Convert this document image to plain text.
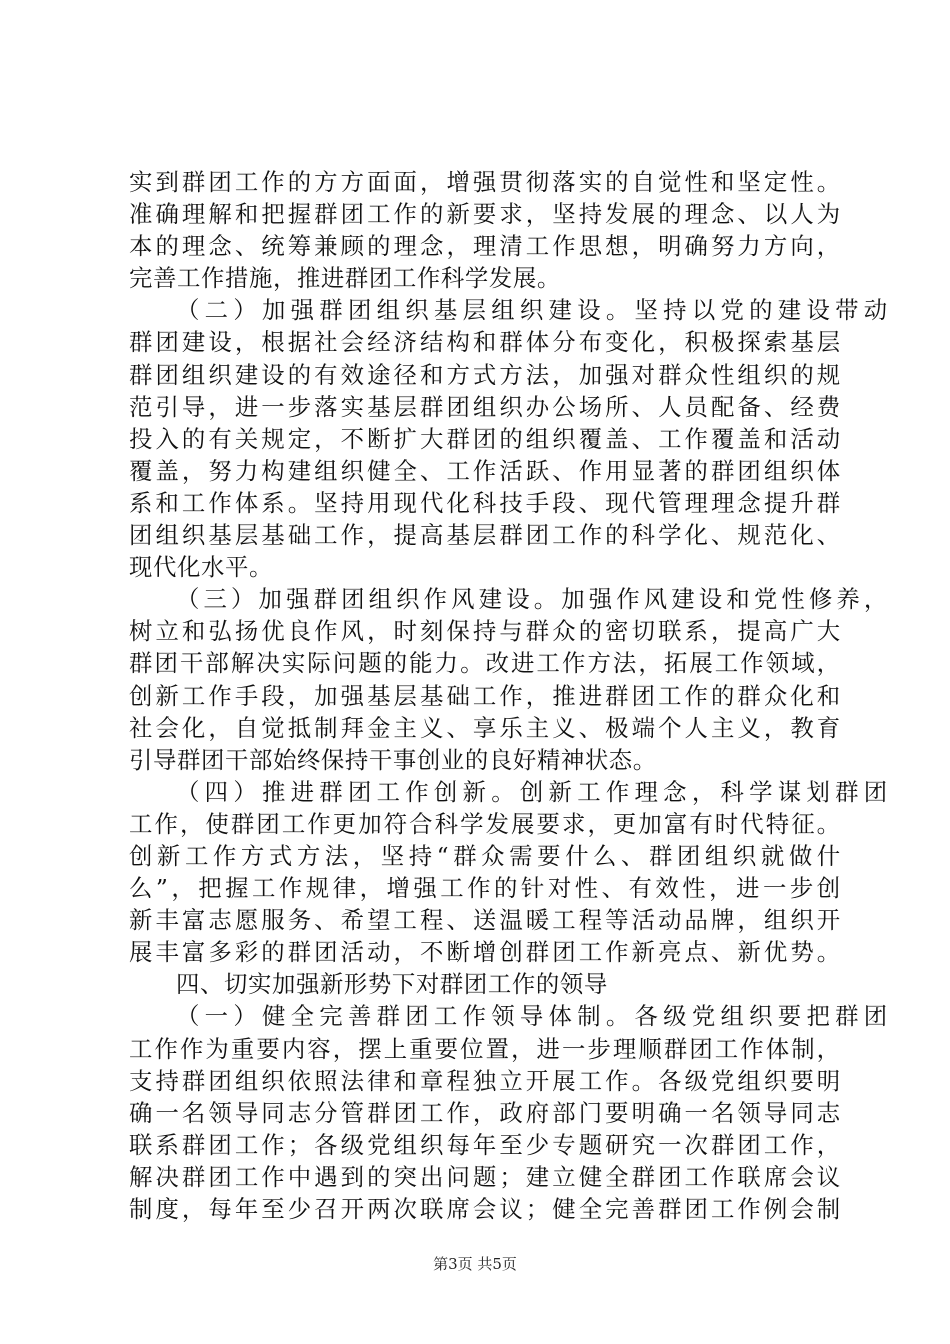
实 到 群 团 工 作 的 方 方 面 面 ， 增 强 贯 彻 落 实 的 自 觉 性 和 坚 定 性 。
准 确 理 解 和 把 握 群 团 工 作 的 新 要 求 ， 坚 持 发 展 的 理 念 、 以 人 为
本 的 理 念 、 统 筹 兼 顾 的 理 念 ， 理 清 工 作 思 想 ， 明 确 努 力 方 向 ，
完善工作措施，推进群团工作科学发展。
（ 二 ） 加 强 群 团 组 织 基 层 组 织 建 设 。 坚 持 以 党 的 建 设 带 动
群 团 建 设 ， 根 据 社 会 经 济 结 构 和 群 体 分 布 变 化 ， 积 极 探 索 基 层
群 团 组 织 建 设 的 有 效 途 径 和 方 式 方 法 ， 加 强 对 群 众 性 组 织 的 规
范 引 导 ， 进 一 步 落 实 基 层 群 团 组 织 办 公 场 所 、 人 员 配 备 、 经 费
投 入 的 有 关 规 定 ， 不 断 扩 大 群 团 的 组 织 覆 盖 、 工 作 覆 盖 和 活 动
覆 盖 ， 努 力 构 建 组 织 健 全 、 工 作 活 跃 、 作 用 显 著 的 群 团 组 织 体
系 和 工 作 体 系 。 坚 持 用 现 代 化 科 技 手 段 、 现 代 管 理 理 念 提 升 群
团 组 织 基 层 基 础 工 作 ， 提 高 基 层 群 团 工 作 的 科 学 化 、 规 范 化 、
现代化水平。
（ 三 ） 加 强 群 团 组 织 作 风 建 设 。 加 强 作 风 建 设 和 党 性 修 养 ，
树 立 和 弘 扬 优 良 作 风 ， 时 刻 保 持 与 群 众 的 密 切 联 系 ， 提 高 广 大
群 团 干 部 解 决 实 际 问 题 的 能 力 。 改 进 工 作 方 法 ， 拓 展 工 作 领 域 ，
创 新 工 作 手 段 ， 加 强 基 层 基 础 工 作 ， 推 进 群 团 工 作 的 群 众 化 和
社 会 化 ， 自 觉 抵 制 拜 金 主 义 、 享 乐 主 义 、 极 端 个 人 主 义 ， 教 育
引导群团干部始终保持干事创业的良好精神状态。
（ 四 ） 推 进 群 团 工 作 创 新 。 创 新 工 作 理 念 ， 科 学 谋 划 群 团
工 作 ， 使 群 团 工 作 更 加 符 合 科 学 发 展 要 求 ， 更 加 富 有 时 代 特 征 。
创 新 工 作 方 式 方 法 ， 坚 持 “ 群 众 需 要 什 么 、 群 团 组 织 就 做 什
么 ” ， 把 握 工 作 规 律 ， 增 强 工 作 的 针 对 性 、 有 效 性 ， 进 一 步 创
新 丰 富 志 愿 服 务 、 希 望 工 程 、 送 温 暖 工 程 等 活 动 品 牌 ， 组 织 开
展 丰 富 多 彩 的 群 团 活 动 ， 不 断 增 创 群 团 工 作 新 亮 点 、 新 优 势 。
四、切实加强新形势下对群团工作的领导
（ 一 ） 健 全 完 善 群 团 工 作 领 导 体 制 。 各 级 党 组 织 要 把 群 团
工 作 作 为 重 要 内 容 ， 摆 上 重 要 位 置 ， 进 一 步 理 顺 群 团 工 作 体 制 ，
支 持 群 团 组 织 依 照 法 律 和 章 程 独 立 开 展 工 作 。 各 级 党 组 织 要 明
确 一 名 领 导 同 志 分 管 群 团 工 作 ， 政 府 部 门 要 明 确 一 名 领 导 同 志
联 系 群 团 工 作 ； 各 级 党 组 织 每 年 至 少 专 题 研 究 一 次 群 团 工 作 ，
解 决 群 团 工 作 中 遇 到 的 突 出 问 题 ； 建 立 健 全 群 团 工 作 联 席 会 议
制 度 ， 每 年 至 少 召 开 两 次 联 席 会 议 ； 健 全 完 善 群 团 工 作 例 会 制
第3页 共5页
